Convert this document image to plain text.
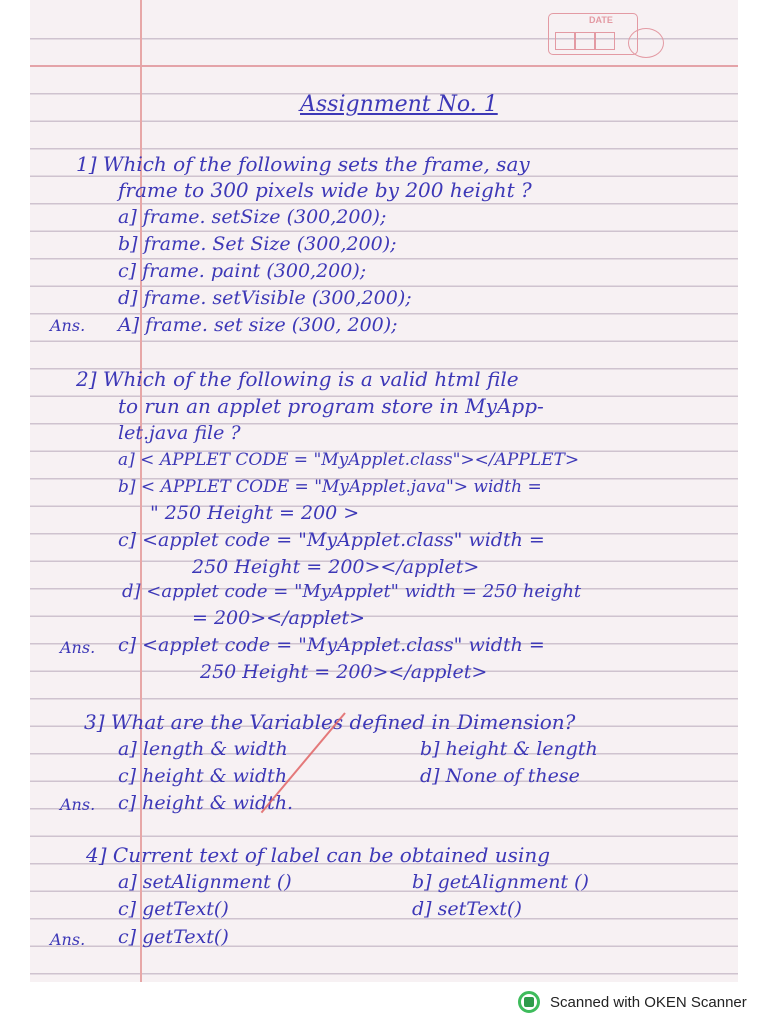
DATE
Assignment No. 1
1] Which of the following sets the frame, say
frame to 300 pixels wide by 200 height ?
a] frame. setSize (300,200);
b] frame. Set Size (300,200);
c] frame. paint (300,200);
d] frame. setVisible (300,200);
Ans. A] frame. set size (300, 200);
2] Which of the following is a valid html file
to run an applet program store in MyApp-
let.java file ?
a] < APPLET CODE = "MyApplet.class"></APPLET>
b] < APPLET CODE = "MyApplet.java"> width =
" 250 Height = 200 >
c] <applet code = "MyApplet.class" width =
250 Height = 200></applet>
d] <applet code = "MyApplet" width = 250 height
= 200></applet>
Ans. c] <applet code = "MyApplet.class" width =
250 Height = 200></applet>
3] What are the Variables defined in Dimension?
a] length & width	b] height & length
c] height & width	d] None of these
Ans. c] height & width.
4] Current text of label can be obtained using
a] setAlignment ()	b] getAlignment ()
c] getText()	d] setText()
Ans. c] getText()
Scanned with OKEN Scanner
